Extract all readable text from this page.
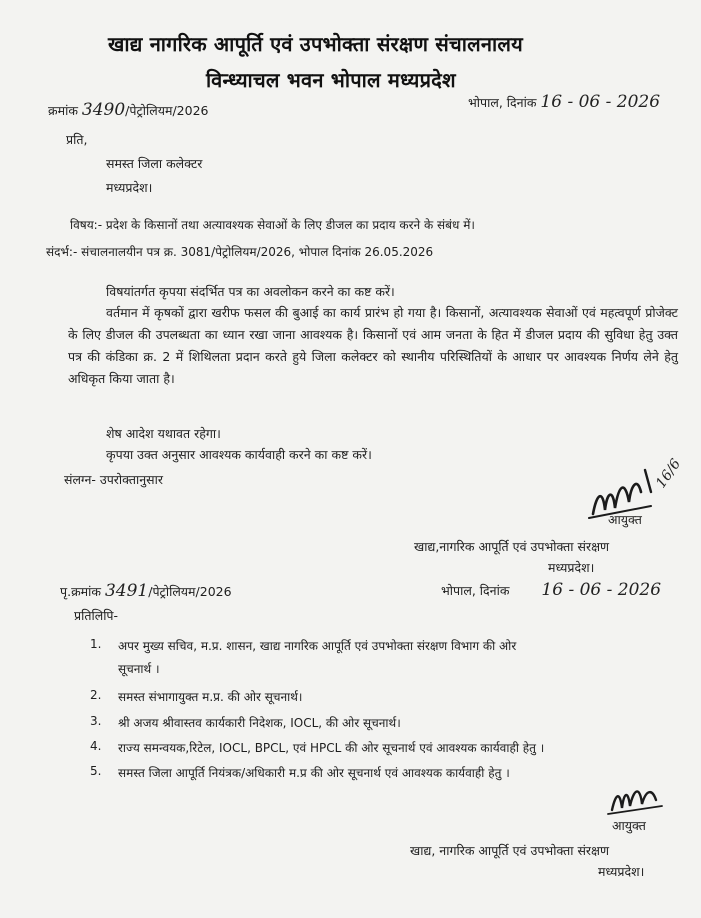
खाद्य नागरिक आपूर्ति एवं उपभोक्ता संरक्षण संचालनालय
विन्ध्याचल भवन भोपाल मध्यप्रदेश
क्रमांक 3490/पेट्रोलियम/2026
भोपाल, दिनांक 16 - 06 - 2026
प्रति,
समस्त जिला कलेक्टर
मध्यप्रदेश।
विषय:- प्रदेश के किसानों तथा अत्यावश्यक सेवाओं के लिए डीजल का प्रदाय करने के संबंध में।
संदर्भ:- संचालनालयीन पत्र क्र. 3081/पेट्रोलियम/2026, भोपाल दिनांक 26.05.2026
विषयांतर्गत कृपया संदर्भित पत्र का अवलोकन करने का कष्ट करें।
वर्तमान में कृषकों द्वारा खरीफ फसल की बुआई का कार्य प्रारंभ हो गया है। किसानों, अत्यावश्यक सेवाओं एवं महत्वपूर्ण प्रोजेक्ट के लिए डीजल की उपलब्धता का ध्यान रखा जाना आवश्यक है। किसानों एवं आम जनता के हित में डीजल प्रदाय की सुविधा हेतु उक्त पत्र की कंडिका क्र. 2 में शिथिलता प्रदान करते हुये जिला कलेक्टर को स्थानीय परिस्थितियों के आधार पर आवश्यक निर्णय लेने हेतु अधिकृत किया जाता है।
शेष आदेश यथावत रहेगा।
कृपया उक्त अनुसार आवश्यक कार्यवाही करने का कष्ट करें।
संलग्न- उपरोक्तानुसार	16/6
आयुक्त
खाद्य,नागरिक आपूर्ति एवं उपभोक्ता संरक्षण
मध्यप्रदेश।
पृ.क्रमांक 3491/पेट्रोलियम/2026	भोपाल, दिनांक 16 - 06 - 2026
प्रतिलिपि-
1. अपर मुख्य सचिव, म.प्र. शासन, खाद्य नागरिक आपूर्ति एवं उपभोक्ता संरक्षण विभाग की ओर
सूचनार्थ ।
2. समस्त संभागायुक्त म.प्र. की ओर सूचनार्थ।
3. श्री अजय श्रीवास्तव कार्यकारी निदेशक, IOCL, की ओर सूचनार्थ।
4. राज्य समन्वयक,रिटेल, IOCL, BPCL, एवं HPCL की ओर सूचनार्थ एवं आवश्यक कार्यवाही हेतु ।
5. समस्त जिला आपूर्ति नियंत्रक/अधिकारी म.प्र की ओर सूचनार्थ एवं आवश्यक कार्यवाही हेतु ।
आयुक्त
खाद्य, नागरिक आपूर्ति एवं उपभोक्ता संरक्षण
मध्यप्रदेश।
